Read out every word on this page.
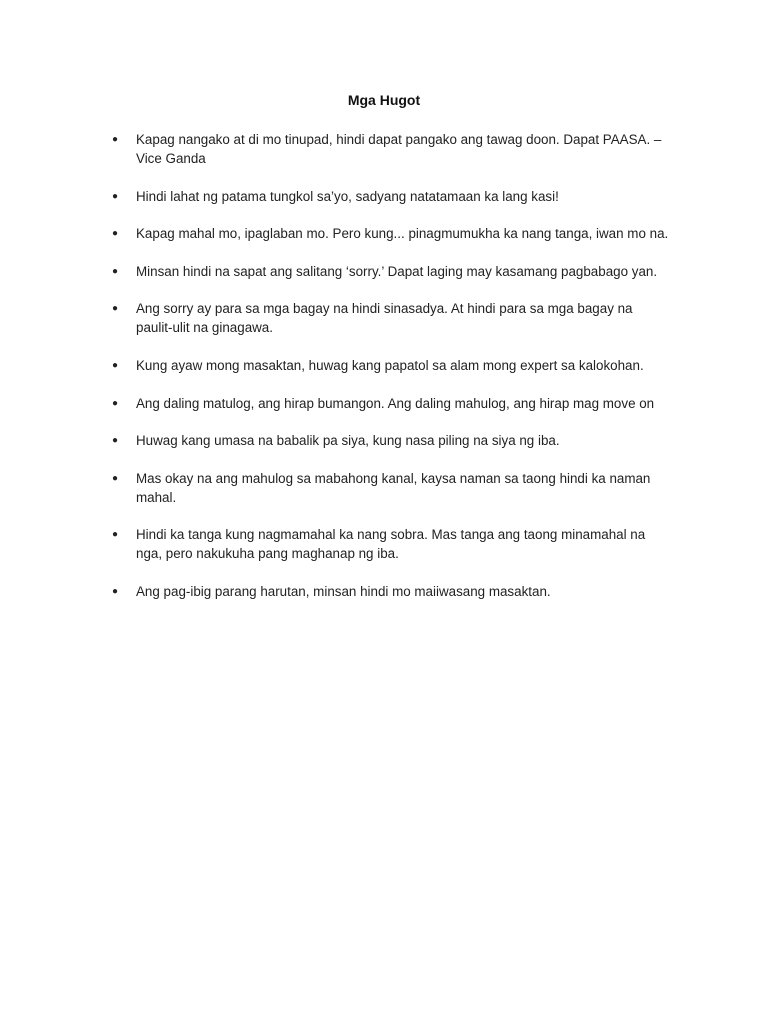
Mga Hugot
●	Kapag nangako at di mo tinupad, hindi dapat pangako ang tawag doon. Dapat PAASA. – Vice Ganda
●	Hindi lahat ng patama tungkol sa’yo, sadyang natatamaan ka lang kasi!
●	Kapag mahal mo, ipaglaban mo. Pero kung... pinagmumukha ka nang tanga, iwan mo na.
●	Minsan hindi na sapat ang salitang ‘sorry.’ Dapat laging may kasamang pagbabago yan.
●	Ang sorry ay para sa mga bagay na hindi sinasadya. At hindi para sa mga bagay na paulit-ulit na ginagawa.
●	Kung ayaw mong masaktan, huwag kang papatol sa alam mong expert sa kalokohan.
●	Ang daling matulog, ang hirap bumangon. Ang daling mahulog, ang hirap mag move on
●	Huwag kang umasa na babalik pa siya, kung nasa piling na siya ng iba.
●	Mas okay na ang mahulog sa mabahong kanal, kaysa naman sa taong hindi ka naman mahal.
●	Hindi ka tanga kung nagmamahal ka nang sobra. Mas tanga ang taong minamahal na nga, pero nakukuha pang maghanap ng iba.
●	Ang pag-ibig parang harutan, minsan hindi mo maiiwasang masaktan.
